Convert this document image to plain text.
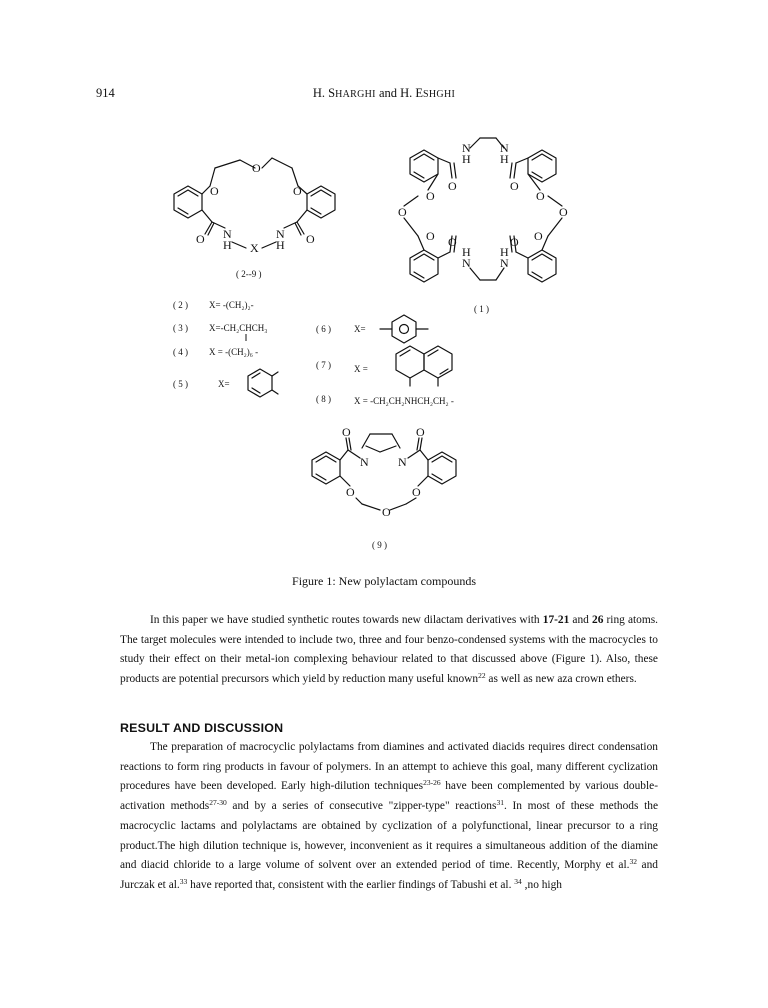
914	H. SHARGHI and H. ESHGHI
O	O
O
O	O
N
H X
N
H
N
H
N
H
O	O
O	O
O	O
O	O
O	O
H
N
H
N
O	O
N N
O	O
O
( 2--9 )
( 1 )
( 2 ) X= -(CH₂)₂-
( 3 ) X=-CH₂CHCH₃
( 4 ) X = -(CH₂)₆ -
( 5 )	X=
( 6 )	X=
( 7 )	X =
( 8 )	X = -CH₂CH₂NHCH₂CH₂ -
( 9 )
Figure 1: New polylactam compounds
In this paper we have studied synthetic routes towards new dilactam derivatives with 17-21 and 26 ring atoms. The target molecules were intended to include two, three and four benzo-condensed systems with the macrocycles to study their effect on their metal-ion complexing behaviour related to that discussed above (Figure 1). Also, these products are potential precursors which yield by reduction many useful known$^{22}$ as well as new aza crown ethers.
RESULT AND DISCUSSION
The preparation of macrocyclic polylactams from diamines and activated diacids requires direct condensation reactions to form ring products in favour of polymers. In an attempt to achieve this goal, many different cyclization procedures have been developed. Early high-dilution techniques$^{23-26}$ have been complemented by various double-activation methods$^{27-30}$ and by a series of consecutive "zipper-type" reactions$^{31}$. In most of these methods the macrocyclic lactams and polylactams are obtained by cyclization of a polyfunctional, linear precursor to a ring product.The high dilution technique is, however, inconvenient as it requires a simultaneous addition of the diamine and diacid chloride to a large volume of solvent over an extended period of time. Recently, Morphy et al.$^{32}$ and Jurczak et al.$^{33}$ have reported that, consistent with the earlier findings of Tabushi et al. $^{34}$ ,no high
